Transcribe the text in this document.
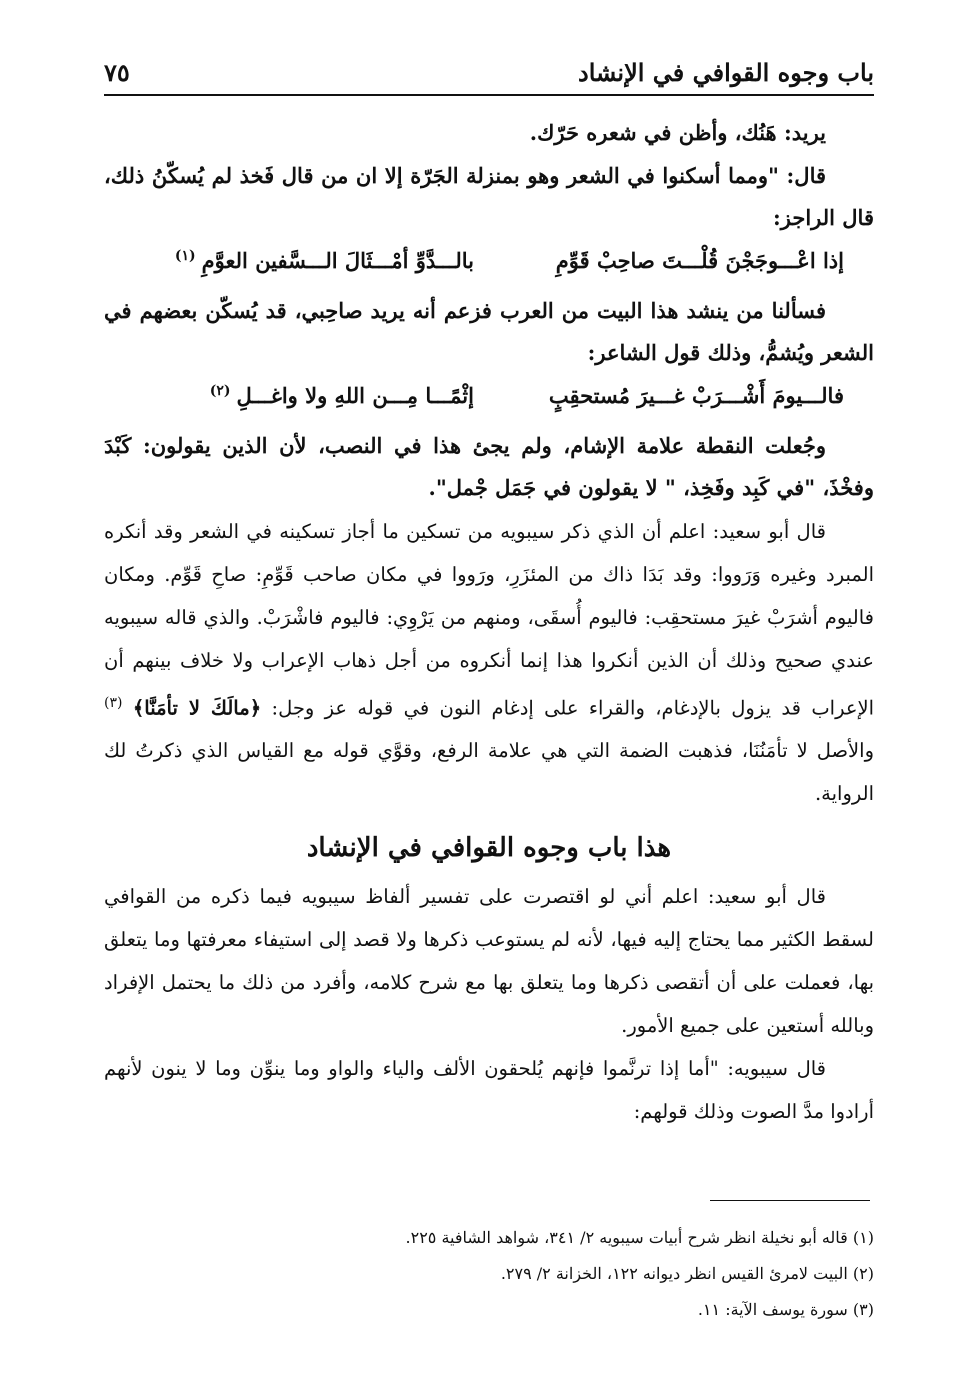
باب وجوه القوافي في الإنشاد
٧٥

يريد: هَنُك، وأظن في شعره حَرّك.

قال: "ومما أسكنوا في الشعر وهو بمنزلة الجَرّة إلا ان من قال فَخذ لم يُسكّنُ ذلك، قال الراجز:

إذا اعْـــوجَجْنَ قُلْـــتَ صاحِبْ قَوِّمِ
بالـــدَّوِّ أمْـــثَالَ الـــسَّفين العوَّمِ$^{(١)}$

فسألنا من ينشد هذا البيت من العرب فزعم أنه يريد صاحِبي، قد يُسكّن بعضهم في الشعر ويُشمُّ، وذلك قول الشاعر:

فالـــيومَ أَشْـــرَبْ غـــيرَ مُستحقِبٍ
إثْمًـــا مِـــن اللهِ ولا واغـــلِ$^{(٢)}$

وجُعلت النقطة علامة الإشام، ولم يجئ هذا في النصب، لأن الذين يقولون: كَبْدَ وفخْذَ، "في كَبِد وفَخِذ، " لا يقولون في جَمَل جْمل".

قال أبو سعيد: اعلم أن الذي ذكر سيبويه من تسكين ما أجاز تسكينه في الشعر وقد أنكره المبرد وغيره وَرَووا: وقد بَدَا ذاك من المئزَرِ، ورَووا في مكان صاحب قَوِّمِ: صاحِ قَوِّم. ومكان فاليوم أشرَبْ غيرَ مستحقِب: فاليوم أُسقَى، ومنهم من يَرْوِي: فاليوم فاشْرَبْ. والذي قاله سيبويه عندي صحيح وذلك أن الذين أنكروا هذا إنما أنكروه من أجل ذهاب الإعراب ولا خلاف بينهم أن الإعراب قد يزول بالإدغام، والقراء على إدغام النون في قوله عز وجل: ﴿مالَكَ لا تأمَنَّا﴾ $^{(٣)}$ والأصل لا تأمَنُنَا، فذهبت الضمة التي هي علامة الرفع، وقوَّي قوله مع القياس الذي ذكرتُ لك الرواية.

هذا باب وجوه القوافي في الإنشاد

قال أبو سعيد: اعلم أني لو اقتصرت على تفسير ألفاظ سيبويه فيما ذكره من القوافي لسقط الكثير مما يحتاج إليه فيها، لأنه لم يستوعب ذكرها ولا قصد إلى استيفاء معرفتها وما يتعلق بها، فعملت على أن أتقصى ذكرها وما يتعلق بها مع شرح كلامه، وأفرد من ذلك ما يحتمل الإفراد وبالله أستعين على جميع الأمور.

قال سيبويه: "أما إذا ترنَّموا فإنهم يُلحقون الألف والياء والواو وما ينوِّن وما لا ينون لأنهم أرادوا مدَّ الصوت وذلك قولهم:

(١) قاله أبو نخيلة انظر شرح أبيات سيبويه ٢/ ٣٤١، شواهد الشافية ٢٢٥.
(٢) البيت لامرئ القيس انظر ديوانه ١٢٢، الخزانة ٢/ ٢٧٩.
(٣) سورة يوسف الآية: ١١.
